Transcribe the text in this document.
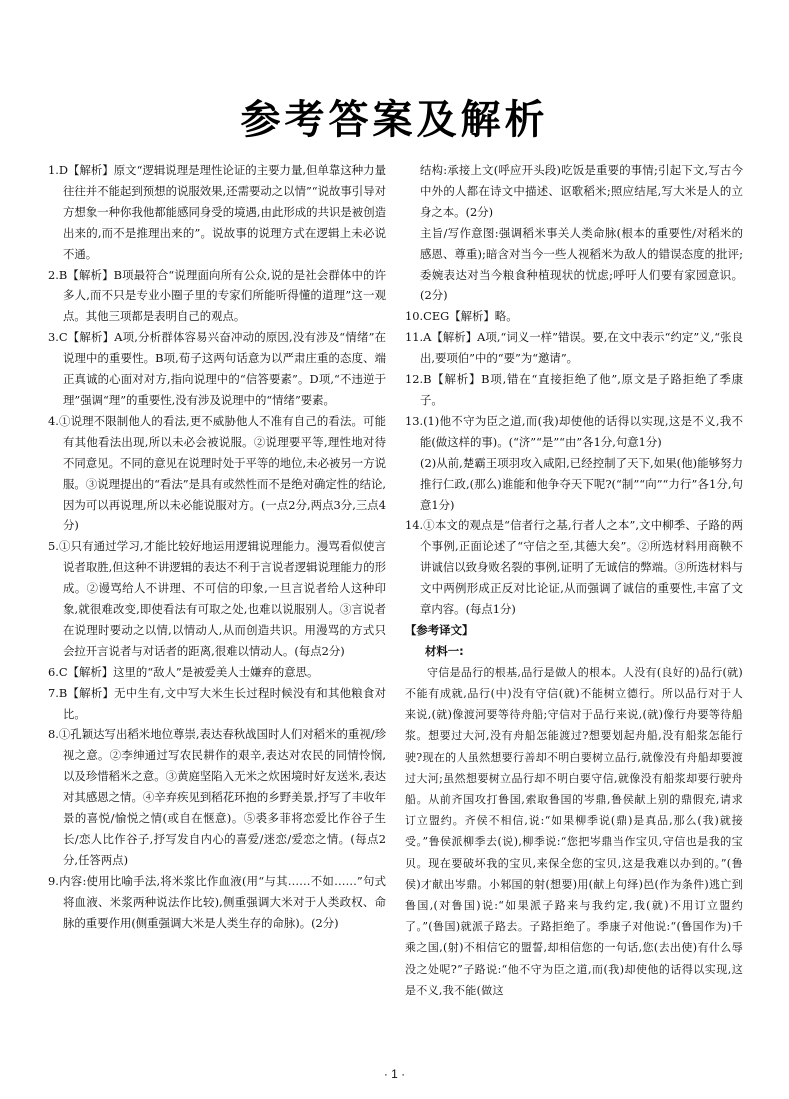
参考答案及解析

1.D【解析】原文“逻辑说理是理性论证的主要力量,但单靠这种力量往往并不能起到预想的说服效果,还需要动之以情”“说故事引导对方想象一种你我他都能感同身受的境遇,由此形成的共识是被创造出来的,而不是推理出来的”。说故事的说理方式在逻辑上未必说不通。

2.B【解析】B项最符合“说理面向所有公众,说的是社会群体中的许多人,而不只是专业小圈子里的专家们所能听得懂的道理”这一观点。其他三项都是表明自己的观点。

3.C【解析】A项,分析群体容易兴奋冲动的原因,没有涉及“情绪”在说理中的重要性。B项,荀子这两句话意为以严肃庄重的态度、端正真诚的心面对对方,指向说理中的“信答要素”。D项,“不违逆于理”强调“理”的重要性,没有涉及说理中的“情绪”要素。

4.①说理不限制他人的看法,更不威胁他人不准有自己的看法。可能有其他看法出现,所以未必会被说服。②说理要平等,理性地对待不同意见。不同的意见在说理时处于平等的地位,未必被另一方说服。③说理提出的“看法”是具有或然性而不是绝对确定性的结论,因为可以再说理,所以未必能说服对方。(一点2分,两点3分,三点4分)

5.①只有通过学习,才能比较好地运用逻辑说理能力。漫骂看似使言说者取胜,但这种不讲逻辑的表达不利于言说者逻辑说理能力的形成。②谩骂给人不讲理、不可信的印象,一旦言说者给人这种印象,就很难改变,即使看法有可取之处,也难以说服别人。③言说者在说理时要动之以情,以情动人,从而创造共识。用漫骂的方式只会拉开言说者与对话者的距离,很难以情动人。(每点2分)

6.C【解析】这里的“敌人”是被爱美人士嫌弃的意思。

7.B【解析】无中生有,文中写大米生长过程时候没有和其他粮食对比。

8.①孔颖达写出稻米地位尊崇,表达春秋战国时人们对稻米的重视/珍视之意。②李绅通过写农民耕作的艰辛,表达对农民的同情怜悯,以及珍惜稻米之意。③黄庭坚陷入无米之炊困境时好友送米,表达对其感恩之情。④辛弃疾见到稻花环抱的乡野美景,抒写了丰收年景的喜悦/愉悦之情(或自在惬意)。⑤裘多菲将恋爱比作谷子生长/恋人比作谷子,抒写发自内心的喜爱/迷恋/爱恋之情。(每点2分,任答两点)

9.内容:使用比喻手法,将米浆比作血液(用“与其……不如……”句式将血液、米浆两种说法作比较),侧重强调大米对于人类政权、命脉的重要作用(侧重强调大米是人类生存的命脉)。(2分)

结构:承接上文(呼应开头段)吃饭是重要的事情;引起下文,写古今中外的人都在诗文中描述、讴歌稻米;照应结尾,写大米是人的立身之本。(2分)

主旨/写作意图:强调稻米事关人类命脉(根本的重要性/对稻米的感恩、尊重);暗含对当今一些人视稻米为敌人的错误态度的批评;委婉表达对当今粮食种植现状的忧虑;呼吁人们要有家园意识。(2分)

10.CEG【解析】略。

11.A【解析】A项,“词义一样”错误。要,在文中表示“约定”义,“张良出,要项伯”中的“要”为“邀请”。

12.B【解析】B项,错在“直接拒绝了他”,原文是子路拒绝了季康子。

13.(1)他不守为臣之道,而(我)却使他的话得以实现,这是不义,我不能(做这样的事)。(“济”“是”“由”各1分,句意1分)

(2)从前,楚霸王项羽攻入咸阳,已经控制了天下,如果(他)能够努力推行仁政,(那么)谁能和他争夺天下呢?(“制”“向”“力行”各1分,句意1分)

14.①本文的观点是“信者行之基,行者人之本”,文中柳季、子路的两个事例,正面论述了“守信之至,其德大矣”。②所选材料用商鞅不讲诚信以致身败名裂的事例,证明了无诚信的弊端。③所选材料与文中两例形成正反对比论证,从而强调了诚信的重要性,丰富了文章内容。(每点1分)

【参考译文】

材料一:

守信是品行的根基,品行是做人的根本。人没有(良好的)品行(就)不能有成就,品行(中)没有守信(就)不能树立德行。所以品行对于人来说,(就)像渡河要等待舟船;守信对于品行来说,(就)像行舟要等待船浆。想要过大河,没有舟船怎能渡过?想要划起舟船,没有船浆怎能行驶?现在的人虽然想要行善却不明白要树立品行,就像没有舟船却要渡过大河;虽然想要树立品行却不明白要守信,就像没有船浆却要行驶舟船。从前齐国攻打鲁国,索取鲁国的岑鼎,鲁侯献上别的鼎假充,请求订立盟约。齐侯不相信,说:“如果柳季说(鼎)是真品,那么(我)就接受。”鲁侯派柳季去(说),柳季说:“您把岑鼎当作宝贝,守信也是我的宝贝。现在要破坏我的宝贝,来保全您的宝贝,这是我难以办到的。”(鲁侯)才献出岑鼎。小邾国的射(想要)用(献上句绎)邑(作为条件)逃亡到鲁国,(对鲁国)说:“如果派子路来与我约定,我(就)不用订立盟约了。”(鲁国)就派子路去。子路拒绝了。季康子对他说:“(鲁国作为)千乘之国,(射)不相信它的盟誓,却相信您的一句话,您(去出使)有什么辱没之处呢?”子路说:“他不守为臣之道,而(我)却使他的话得以实现,这是不义,我不能(做这

· 1 ·
